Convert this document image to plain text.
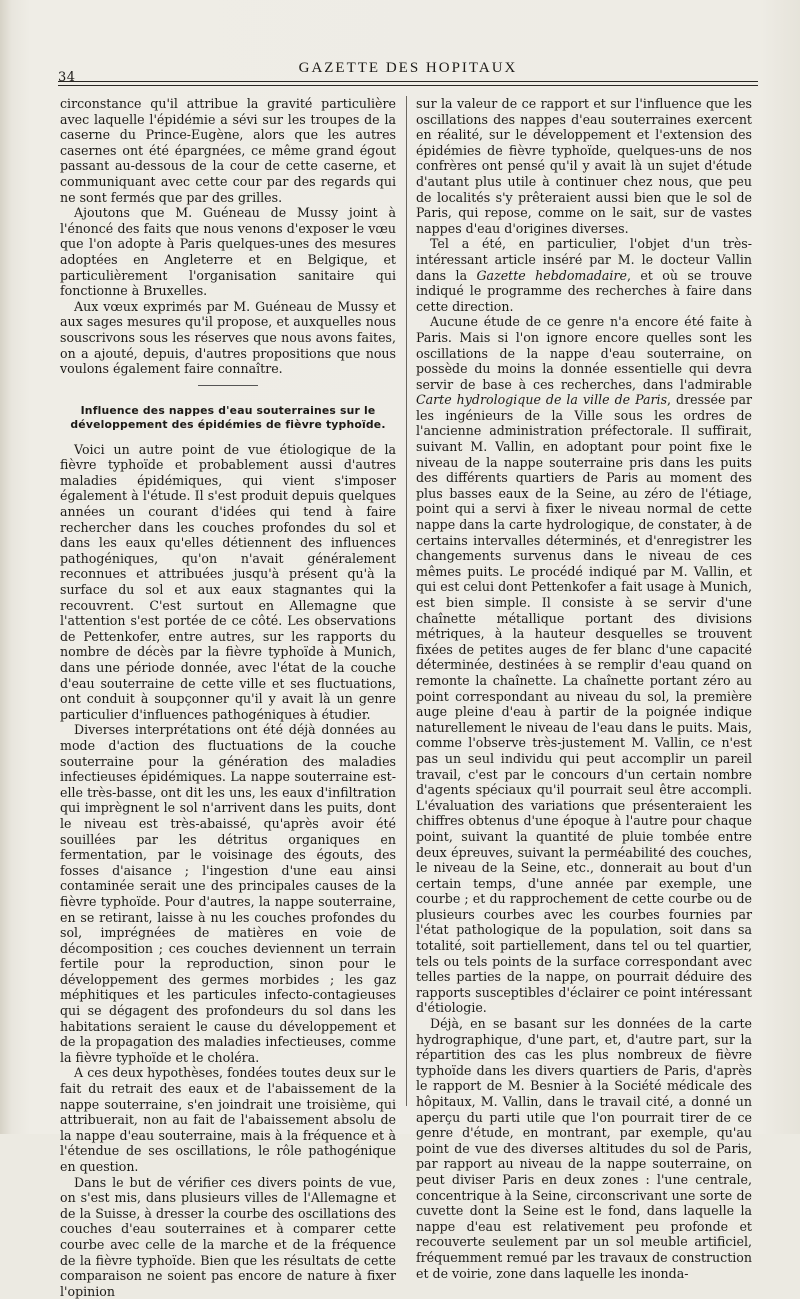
34
GAZETTE DES HOPITAUX

circonstance qu'il attribue la gravité particulière avec laquelle l'épidémie a sévi sur les troupes de la caserne du Prince-Eugène, alors que les autres casernes ont été épargnées, ce même grand égout passant au-dessous de la cour de cette caserne, et communiquant avec cette cour par des regards qui ne sont fermés que par des grilles.

Ajoutons que M. Guéneau de Mussy joint à l'énoncé des faits que nous venons d'exposer le vœu que l'on adopte à Paris quelques-unes des mesures adoptées en Angleterre et en Belgique, et particulièrement l'organisation sanitaire qui fonctionne à Bruxelles.

Aux vœux exprimés par M. Guéneau de Mussy et aux sages mesures qu'il propose, et auxquelles nous souscrivons sous les réserves que nous avons faites, on a ajouté, depuis, d'autres propositions que nous voulons également faire connaître.

Influence des nappes d'eau souterraines sur le développement des épidémies de fièvre typhoïde.

Voici un autre point de vue étiologique de la fièvre typhoïde et probablement aussi d'autres maladies épidémiques, qui vient s'imposer également à l'étude. Il s'est produit depuis quelques années un courant d'idées qui tend à faire rechercher dans les couches profondes du sol et dans les eaux qu'elles détiennent des influences pathogéniques, qu'on n'avait généralement reconnues et attribuées jusqu'à présent qu'à la surface du sol et aux eaux stagnantes qui la recouvrent. C'est surtout en Allemagne que l'attention s'est portée de ce côté. Les observations de Pettenkofer, entre autres, sur les rapports du nombre de décès par la fièvre typhoïde à Munich, dans une période donnée, avec l'état de la couche d'eau souterraine de cette ville et ses fluctuations, ont conduit à soupçonner qu'il y avait là un genre particulier d'influences pathogéniques à étudier.

Diverses interprétations ont été déjà données au mode d'action des fluctuations de la couche souterraine pour la génération des maladies infectieuses épidémiques. La nappe souterraine est-elle très-basse, ont dit les uns, les eaux d'infiltration qui imprègnent le sol n'arrivent dans les puits, dont le niveau est très-abaissé, qu'après avoir été souillées par les détritus organiques en fermentation, par le voisinage des égouts, des fosses d'aisance ; l'ingestion d'une eau ainsi contaminée serait une des principales causes de la fièvre typhoïde. Pour d'autres, la nappe souterraine, en se retirant, laisse à nu les couches profondes du sol, imprégnées de matières en voie de décomposition ; ces couches deviennent un terrain fertile pour la reproduction, sinon pour le développement des germes morbides ; les gaz méphitiques et les particules infecto-contagieuses qui se dégagent des profondeurs du sol dans les habitations seraient le cause du développement et de la propagation des maladies infectieuses, comme la fièvre typhoïde et le choléra.

A ces deux hypothèses, fondées toutes deux sur le fait du retrait des eaux et de l'abaissement de la nappe souterraine, s'en joindrait une troisième, qui attribuerait, non au fait de l'abaissement absolu de la nappe d'eau souterraine, mais à la fréquence et à l'étendue de ses oscillations, le rôle pathogénique en question.

Dans le but de vérifier ces divers points de vue, on s'est mis, dans plusieurs villes de l'Allemagne et de la Suisse, à dresser la courbe des oscillations des couches d'eau souterraines et à comparer cette courbe avec celle de la marche et de la fréquence de la fièvre typhoïde. Bien que les résultats de cette comparaison ne soient pas encore de nature à fixer l'opinion

sur la valeur de ce rapport et sur l'influence que les oscillations des nappes d'eau souterraines exercent en réalité, sur le développement et l'extension des épidémies de fièvre typhoïde, quelques-uns de nos confrères ont pensé qu'il y avait là un sujet d'étude d'autant plus utile à continuer chez nous, que peu de localités s'y prêteraient aussi bien que le sol de Paris, qui repose, comme on le sait, sur de vastes nappes d'eau d'origines diverses.

Tel a été, en particulier, l'objet d'un très-intéressant article inséré par M. le docteur Vallin dans la Gazette hebdomadaire, et où se trouve indiqué le programme des recherches à faire dans cette direction.

Aucune étude de ce genre n'a encore été faite à Paris. Mais si l'on ignore encore quelles sont les oscillations de la nappe d'eau souterraine, on possède du moins la donnée essentielle qui devra servir de base à ces recherches, dans l'admirable Carte hydrologique de la ville de Paris, dressée par les ingénieurs de la Ville sous les ordres de l'ancienne administration préfectorale. Il suffirait, suivant M. Vallin, en adoptant pour point fixe le niveau de la nappe souterraine pris dans les puits des différents quartiers de Paris au moment des plus basses eaux de la Seine, au zéro de l'étiage, point qui a servi à fixer le niveau normal de cette nappe dans la carte hydrologique, de constater, à de certains intervalles déterminés, et d'enregistrer les changements survenus dans le niveau de ces mêmes puits. Le procédé indiqué par M. Vallin, et qui est celui dont Pettenkofer a fait usage à Munich, est bien simple. Il consiste à se servir d'une chaînette métallique portant des divisions métriques, à la hauteur desquelles se trouvent fixées de petites auges de fer blanc d'une capacité déterminée, destinées à se remplir d'eau quand on remonte la chaînette. La chaînette portant zéro au point correspondant au niveau du sol, la première auge pleine d'eau à partir de la poignée indique naturellement le niveau de l'eau dans le puits. Mais, comme l'observe très-justement M. Vallin, ce n'est pas un seul individu qui peut accomplir un pareil travail, c'est par le concours d'un certain nombre d'agents spéciaux qu'il pourrait seul être accompli. L'évaluation des variations que présenteraient les chiffres obtenus d'une époque à l'autre pour chaque point, suivant la quantité de pluie tombée entre deux épreuves, suivant la perméabilité des couches, le niveau de la Seine, etc., donnerait au bout d'un certain temps, d'une année par exemple, une courbe ; et du rapprochement de cette courbe ou de plusieurs courbes avec les courbes fournies par l'état pathologique de la population, soit dans sa totalité, soit partiellement, dans tel ou tel quartier, tels ou tels points de la surface correspondant avec telles parties de la nappe, on pourrait déduire des rapports susceptibles d'éclairer ce point intéressant d'étiologie.

Déjà, en se basant sur les données de la carte hydrographique, d'une part, et, d'autre part, sur la répartition des cas les plus nombreux de fièvre typhoïde dans les divers quartiers de Paris, d'après le rapport de M. Besnier à la Société médicale des hôpitaux, M. Vallin, dans le travail cité, a donné un aperçu du parti utile que l'on pourrait tirer de ce genre d'étude, en montrant, par exemple, qu'au point de vue des diverses altitudes du sol de Paris, par rapport au niveau de la nappe souterraine, on peut diviser Paris en deux zones : l'une centrale, concentrique à la Seine, circonscrivant une sorte de cuvette dont la Seine est le fond, dans laquelle la nappe d'eau est relativement peu profonde et recouverte seulement par un sol meuble artificiel, fréquemment remué par les travaux de construction et de voirie, zone dans laquelle les inonda-
